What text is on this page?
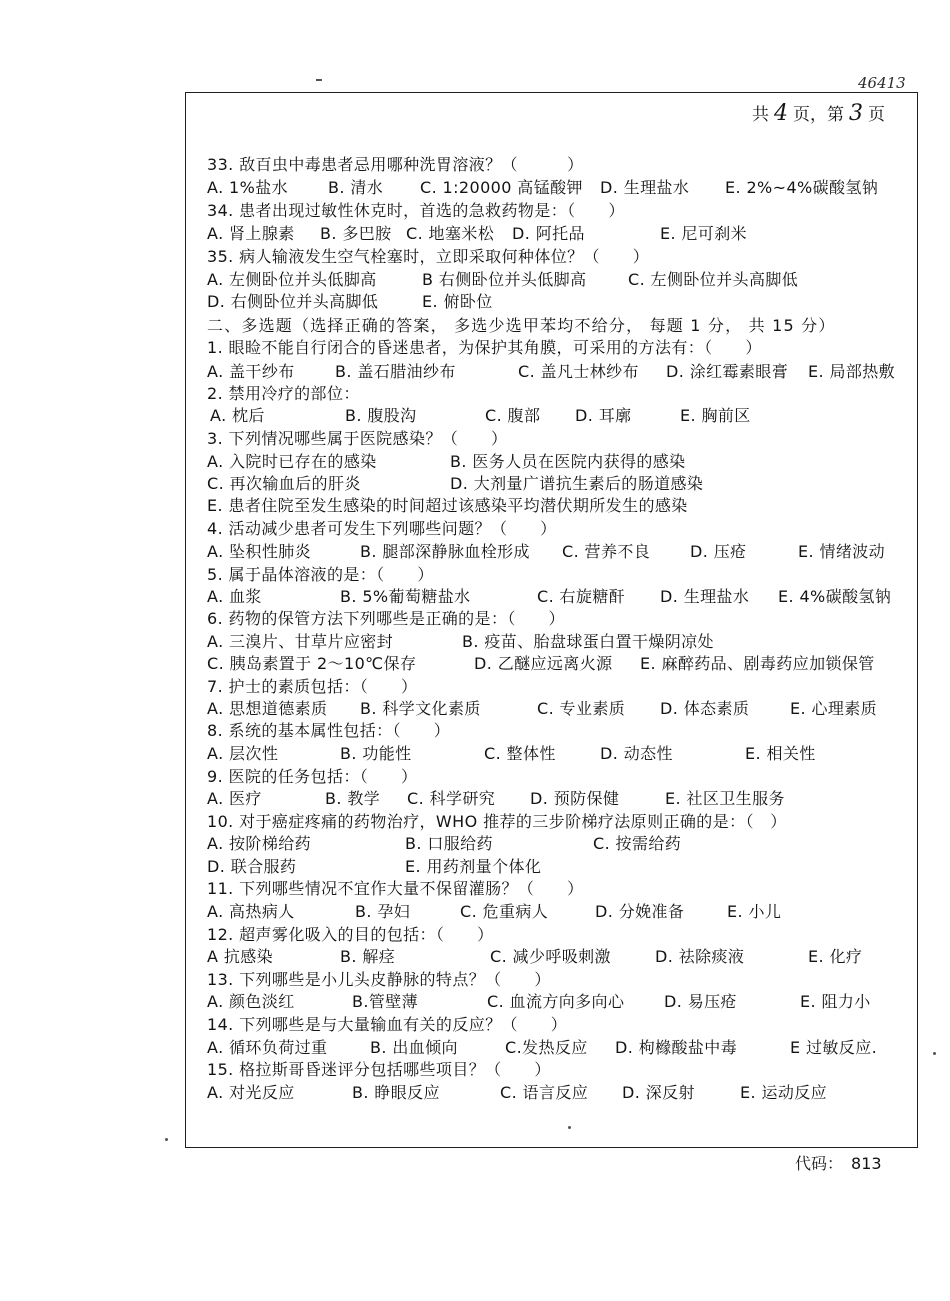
46413
共 4 页，第 3 页
33. 敌百虫中毒患者忌用哪种洗胃溶液？（　　　）
A. 1%盐水 B. 清水 C. 1:20000 高锰酸钾 D. 生理盐水 E. 2%~4%碳酸氢钠
34. 患者出现过敏性休克时，首选的急救药物是：（　　）
A. 肾上腺素 B. 多巴胺 C. 地塞米松 D. 阿托品	E. 尼可刹米
35. 病人输液发生空气栓塞时，立即采取何种体位？（　　）
A. 左侧卧位并头低脚高	B 右侧卧位并头低脚高	C. 左侧卧位并头高脚低
D. 右侧卧位并头高脚低	E. 俯卧位
二、多选题（选择正确的答案， 多选少选甲苯均不给分， 每题 1 分， 共 15 分）
1. 眼睑不能自行闭合的昏迷患者，为保护其角膜，可采用的方法有：（　　）
A. 盖干纱布	B. 盖石腊油纱布	C. 盖凡士林纱布 D. 涂红霉素眼膏 E. 局部热敷
2. 禁用冷疗的部位：
A. 枕后	B. 腹股沟	C. 腹部 D. 耳廓	E. 胸前区
3. 下列情况哪些属于医院感染？（　　）
A. 入院时已存在的感染	B. 医务人员在医院内获得的感染
C. 再次输血后的肝炎	D. 大剂量广谱抗生素后的肠道感染
E. 患者住院至发生感染的时间超过该感染平均潜伏期所发生的感染
4. 活动减少患者可发生下列哪些问题？（　　）
A. 坠积性肺炎	B. 腿部深静脉血栓形成 C. 营养不良 D. 压疮	E. 情绪波动
5. 属于晶体溶液的是：（　　）
A. 血浆	B. 5%葡萄糖盐水	C. 右旋糖酐 D. 生理盐水 E. 4%碳酸氢钠
6. 药物的保管方法下列哪些是正确的是：（　　）
A. 三溴片、甘草片应密封	B. 疫苗、胎盘球蛋白置干燥阴凉处
C. 胰岛素置于 2～10℃保存	D. 乙醚应远离火源 E. 麻醉药品、剧毒药应加锁保管
7. 护士的素质包括：（　　）
A. 思想道德素质 B. 科学文化素质	C. 专业素质 D. 体态素质	E. 心理素质
8. 系统的基本属性包括：（　　）
A. 层次性	B. 功能性	C. 整体性	D. 动态性	E. 相关性
9. 医院的任务包括：（　　）
A. 医疗	B. 教学 C. 科学研究 D. 预防保健	E. 社区卫生服务
10. 对于癌症疼痛的药物治疗，WHO 推荐的三步阶梯疗法原则正确的是：（　）
A. 按阶梯给药	B. 口服给药	C. 按需给药
D. 联合服药	E. 用药剂量个体化
11. 下列哪些情况不宜作大量不保留灌肠？（　　）
A. 高热病人	B. 孕妇	C. 危重病人	D. 分娩准备	E. 小儿
12. 超声雾化吸入的目的包括：（　　）
A 抗感染	B. 解痉	C. 减少呼吸刺激	D. 祛除痰液	E. 化疗
13. 下列哪些是小儿头皮静脉的特点？（　　）
A. 颜色淡红	B.管壁薄	C. 血流方向多向心 D. 易压疮	E. 阻力小
14. 下列哪些是与大量输血有关的反应？（　　）
A. 循环负荷过重	B. 出血倾向	C.发热反应 D. 枸橼酸盐中毒	E 过敏反应.
15. 格拉斯哥昏迷评分包括哪些项目？（　　）
A. 对光反应	B. 睁眼反应	C. 语言反应 D. 深反射	E. 运动反应
代码： 813
